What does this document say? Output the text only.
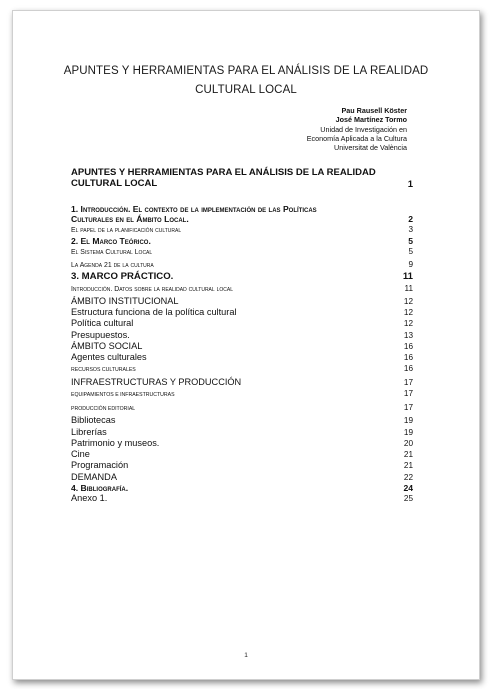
APUNTES Y HERRAMIENTAS PARA EL ANÁLISIS DE LA REALIDAD
CULTURAL LOCAL
Pau Rausell Köster
José Martínez Tormo
Unidad de Investigación en
Economía Aplicada a la Cultura
Universitat de València
APUNTES Y HERRAMIENTAS PARA EL ANÁLISIS DE LA REALIDAD
CULTURAL LOCAL	1
1. Introducción. El contexto de la implementación de las Políticas
Culturales en el Ámbito Local.	2
El papel de la planificación cultural	3
2. El Marco Teórico.	5
El Sistema Cultural Local	5
La Agenda 21 de la cultura	9
3. MARCO PRÁCTICO.	11
Introducción. Datos sobre la realidad cultural local	11
ÁMBITO INSTITUCIONAL	12
Estructura funciona de la política cultural	12
Política cultural	12
Presupuestos.	13
ÁMBITO SOCIAL	16
Agentes culturales	16
RECURSOS CULTURALES	16
INFRAESTRUCTURAS Y PRODUCCIÓN	17
EQUIPAMIENTOS E INFRAESTRUCTURAS	17
PRODUCCIÓN EDITORIAL	17
Bibliotecas	19
Librerías	19
Patrimonio y museos.	20
Cine	21
Programación	21
DEMANDA	22
4. Bibliografía.	24
Anexo 1.	25
1
